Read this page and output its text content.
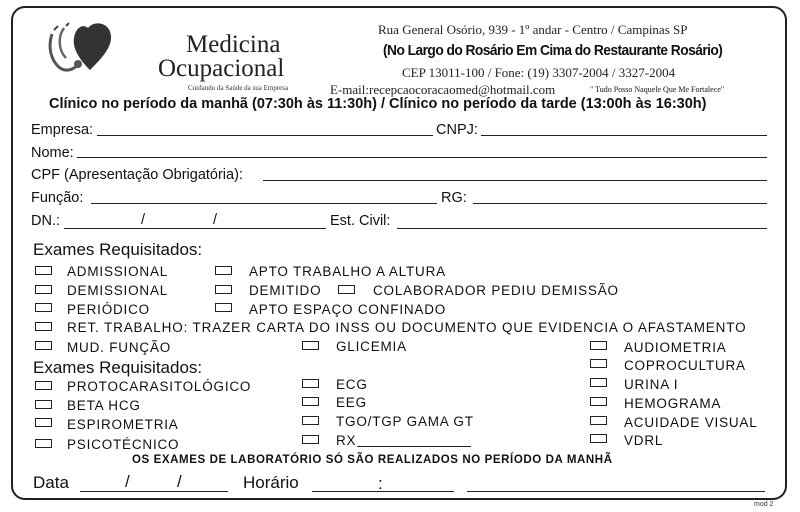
Medicina
Ocupacional
Cuidando da Saúde da sua Empresa
Rua General Osório, 939 - 1º andar - Centro / Campinas SP
(No Largo do Rosário Em Cima do Restaurante Rosário)
CEP 13011-100 / Fone: (19) 3307-2004 / 3327-2004
E-mail:recepcaocoracaomed@hotmail.com	" Tudo Posso Naquele Que Me Fortalece"
Clínico no período da manhã (07:30h às 11:30h) / Clínico no período da tarde (13:00h às 16:30h)
Empresa:	CNPJ:
Nome:
CPF (Apresentação Obrigatória):
Função:	RG:
DN.:	/	/	Est. Civil:
Exames Requisitados:
ADMISSIONAL	APTO TRABALHO A ALTURA
DEMISSIONAL	DEMITIDO	COLABORADOR PEDIU DEMISSÃO
PERIÓDICO	APTO ESPAÇO CONFINADO
RET. TRABALHO: TRAZER CARTA DO INSS OU DOCUMENTO QUE EVIDENCIA O AFASTAMENTO
MUD. FUNÇÃO	GLICEMIA	AUDIOMETRIA
Exames Requisitados:	COPROCULTURA
PROTOCARASITOLÓGICO	ECG	URINA I
BETA HCG	EEG	HEMOGRAMA
ESPIROMETRIA	TGO/TGP GAMA GT	ACUIDADE VISUAL
PSICOTÉCNICO	RX	VDRL
OS EXAMES DE LABORATÓRIO SÓ SÃO REALIZADOS NO PERÍODO DA MANHÃ
Data	/	/	Horário	:
mod 2
